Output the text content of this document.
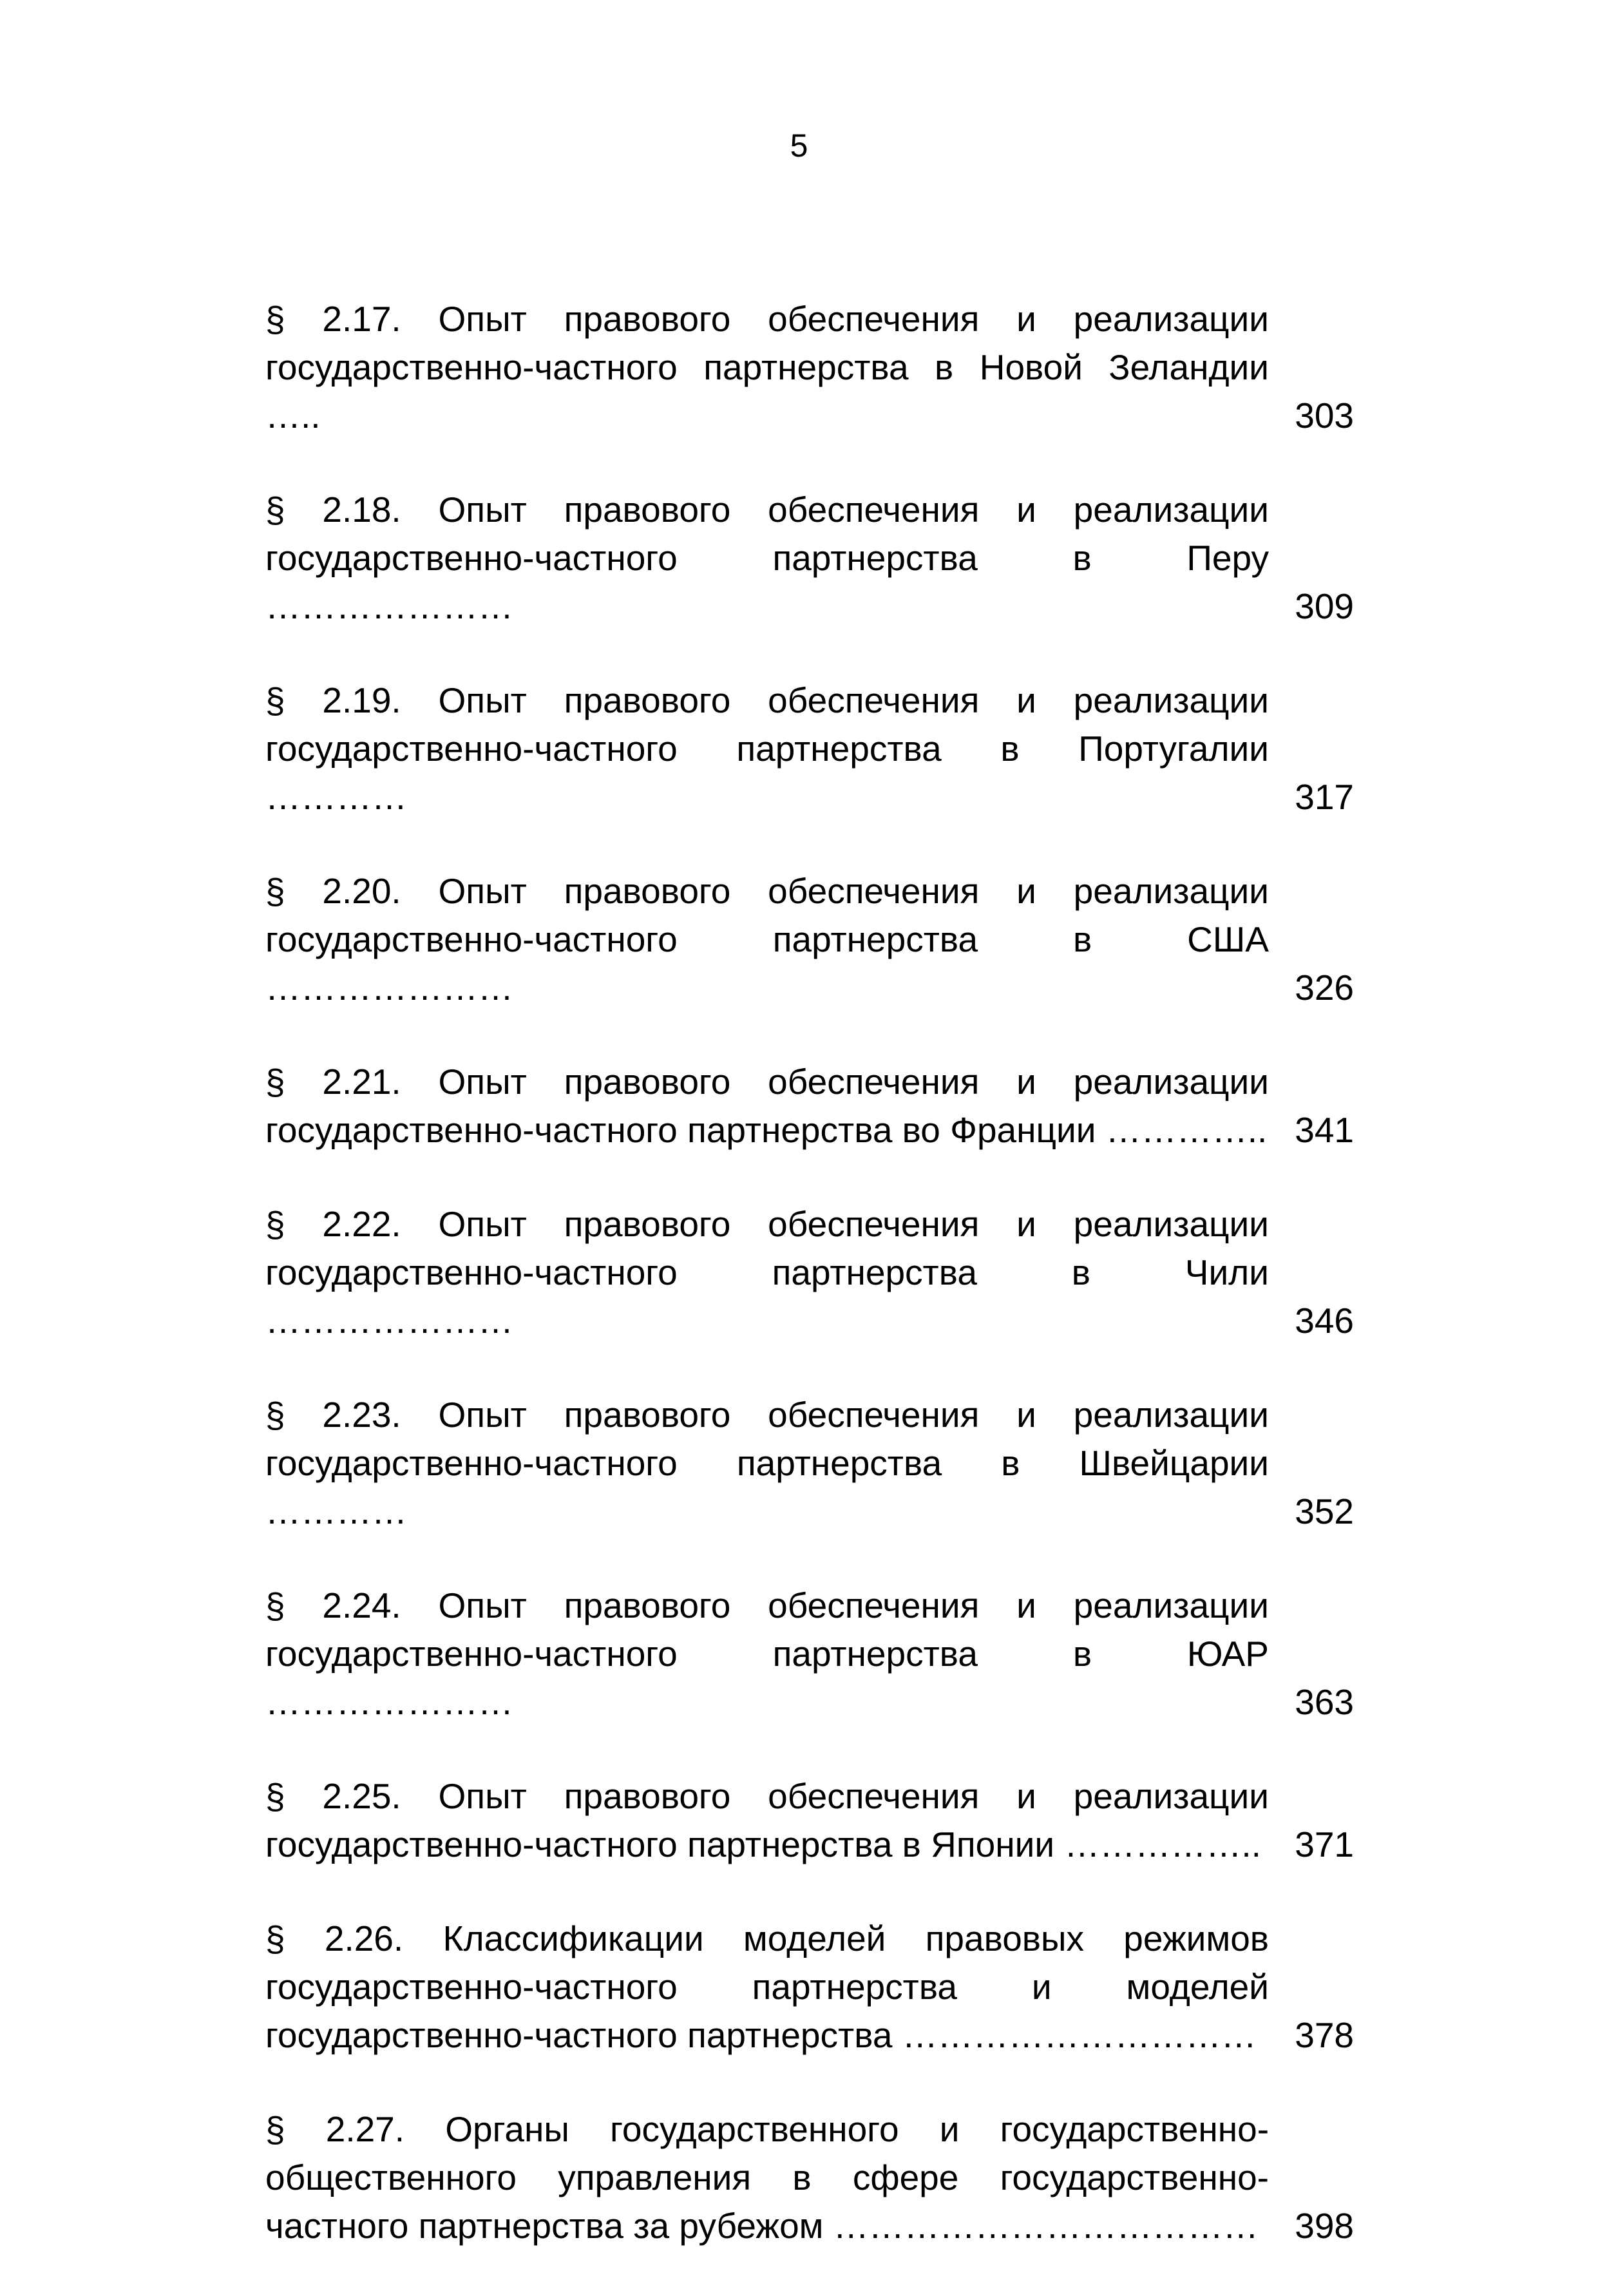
5
§ 2.17. Опыт правового обеспечения и реализации государственно-частного партнерства в Новой Зеландии …..	303
§ 2.18. Опыт правового обеспечения и реализации государственно-частного партнерства в Перу …………………	309
§ 2.19. Опыт правового обеспечения и реализации государственно-частного партнерства в Португалии …………	317
§ 2.20. Опыт правового обеспечения и реализации государственно-частного партнерства в США …………………	326
§ 2.21. Опыт правового обеспечения и реализации государственно-частного партнерства во Франции ………….. 341
§ 2.22. Опыт правового обеспечения и реализации государственно-частного партнерства в Чили …………………	346
§ 2.23. Опыт правового обеспечения и реализации государственно-частного партнерства в Швейцарии …………	352
§ 2.24. Опыт правового обеспечения и реализации государственно-частного партнерства в ЮАР …………………	363
§ 2.25. Опыт правового обеспечения и реализации государственно-частного партнерства в Японии …………….. 371
§ 2.26. Классификации моделей правовых режимов государственно-частного партнерства и моделей государственно-частного партнерства …………………………	378
§ 2.27. Органы государственного и государственно-общественного управления в сфере государственно-частного партнерства за рубежом ……………………………… 398
